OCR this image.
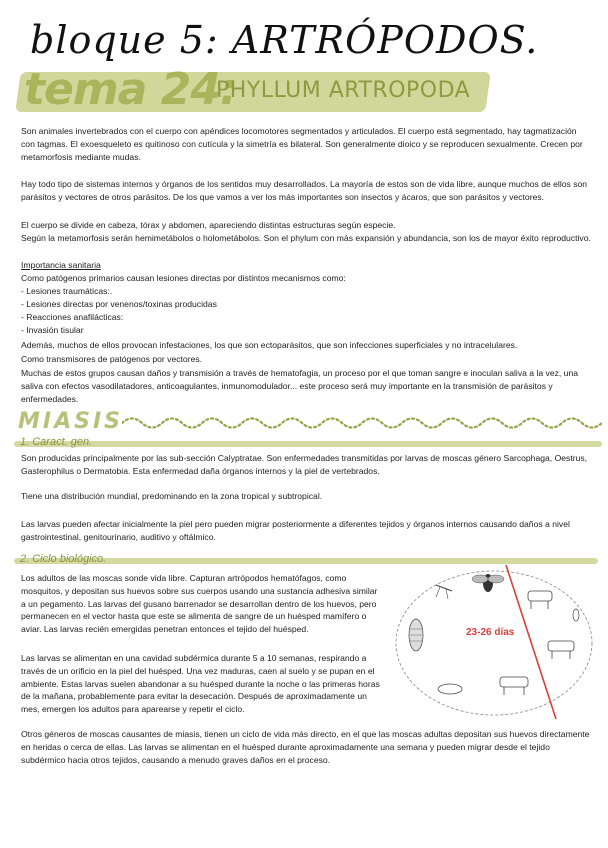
bloque 5: ARTRÓPODOS.
tema 24:
PHYLLUM ARTROPODA

Son animales invertebrados con el cuerpo con apéndices locomotores segmentados y articulados. El cuerpo está segmentado, hay tagmatización con tagmas. El exoesqueleto es quitinoso con cutícula y la simetría es bilateral. Son generalmente dioico y se reproducen sexualmente. Crecen por metamorfosis mediante mudas.

Hay todo tipo de sistemas internos y órganos de los sentidos muy desarrollados. La mayoría de estos son de vida libre, aunque muchos de ellos son parásitos y vectores de otros parásitos. De los que vamos a ver los más importantes son insectos y ácaros, que son parásitos y vectores.

El cuerpo se divide en cabeza, tórax y abdomen, apareciendo distintas estructuras según especie.

Según la metamorfosis serán hemimetábolos o holometábolos. Son el phylum con más expansión y abundancia, son los de mayor éxito reproductivo.

Importancia sanitaria

Como patógenos primarios causan lesiones directas por distintos mecanismos como:

- Lesiones traumáticas:.

- Lesiones directas por venenos/toxinas producidas

- Reacciones anafilácticas:

- Invasión tisular

Además, muchos de ellos provocan infestaciones, los que son ectoparásitos, que son infecciones superficiales y no intracelulares.

Como transmisores de patógenos por vectores.

Muchas de estos grupos causan daños y transmisión a través de hematofagia, un proceso por el que toman sangre e inoculan saliva a la vez, una saliva con efectos vasodilatadores, anticoagulantes, inmunomodulador... este proceso será muy importante en la transmisión de parásitos y enfermedades.

MIASIS
1. Caract. gen.

Son producidas principalmente por las sub-sección Calyptratae. Son enfermedades transmitidas por larvas de moscas género Sarcophaga, Oestrus, Gasterophilus o Dermatobia. Esta enfermedad daña órganos internos y la piel de vertebrados.

Tiene una distribución mundial, predominando en la zona tropical y subtropical.

Las larvas pueden afectar inicialmente la piel pero pueden migrar posteriormente a diferentes tejidos y órganos internos causando daños a nivel gastrointestinal, genitourinario, auditivo y oftálmico.

2. Ciclo biológico.

Los adultos de las moscas sonde vida libre. Capturan artrópodos hematófagos, como mosquitos, y depositan sus huevos sobre sus cuerpos usando una sustancia adhesiva similar a un pegamento. Las larvas del gusano barrenador se desarrollan dentro de los huevos, pero permanecen en el vector hasta que este se alimenta de sangre de un huésped mamífero o aviar. Las larvas recién emergidas penetran entonces el tejido del huésped.

Las larvas se alimentan en una cavidad subdérmica durante 5 a 10 semanas, respirando a través de un orificio en la piel del huésped. Una vez maduras, caen al suelo y se pupan en el ambiente. Estas larvas suelen abandonar a su huésped durante la noche o las primeras horas de la mañana, probablemente para evitar la desecación. Después de aproximadamente un mes, emergen los adultos para aparearse y repetir el ciclo.

Otros géneros de moscas causantes de miasis, tienen un ciclo de vida más directo, en el que las moscas adultas depositan sus huevos directamente en heridas o cerca de ellas. Las larvas se alimentan en el huésped durante aproximadamente una semana y pueden migrar desde el tejido subdérmico hacia otros tejidos, causando a menudo graves daños en el proceso.

23-26 días
